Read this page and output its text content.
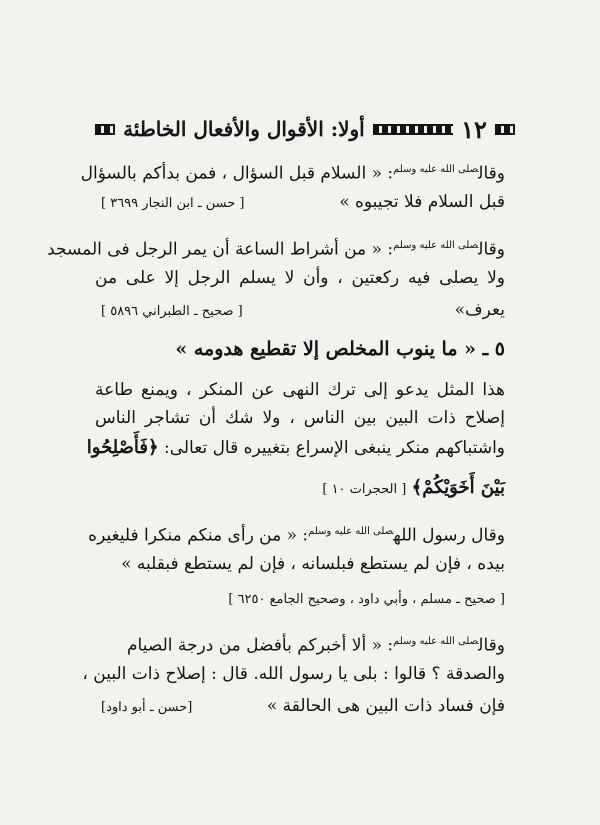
١٢
أولا: الأقوال والأفعال الخاطئة
وقال$^{صلى الله عليه وسلم}$: « السلام قبل السؤال ، فمن بدأكم بالسؤال
قبل السلام فلا تجيبوه »
[ حسن ـ ابن النجار ٣٦٩٩ ]
وقال$^{صلى الله عليه وسلم}$: « من أشراط الساعة أن يمر الرجل فى المسجد
ولا يصلى فيه ركعتين ، وأن لا يسلم الرجل إلا على من
يعرف»
[ صحيح ـ الطبراني ٥٨٩٦ ]
٥ ـ « ما ينوب المخلص إلا تقطيع هدومه »
هذا المثل يدعو إلى ترك النهى عن المنكر ، ويمنع طاعة
إصلاح ذات البين بين الناس ، ولا شك أن تشاجر الناس
واشتباكهم منكر ينبغى الإسراع بتغييره قال تعالى: ﴿فَأَصْلِحُوا
بَيْنَ أَخَوَيْكُمْ﴾ [ الحجرات ١٠ ]
وقال رسول الله$^{صلى الله عليه وسلم}$: « من رأى منكم منكرا فليغيره
بيده ، فإن لم يستطع فبلسانه ، فإن لم يستطع فبقلبه »
[ صحيح ـ مسلم ، وأبي داود ، وصحيح الجامع ٦٢٥٠ ]
وقال$^{صلى الله عليه وسلم}$: « ألا أخبركم بأفضل من درجة الصيام
والصدقة ؟ قالوا : بلى يا رسول الله. قال : إصلاح ذات البين ،
فإن فساد ذات البين هى الحالقة »
[حسن ـ أبو داود]
